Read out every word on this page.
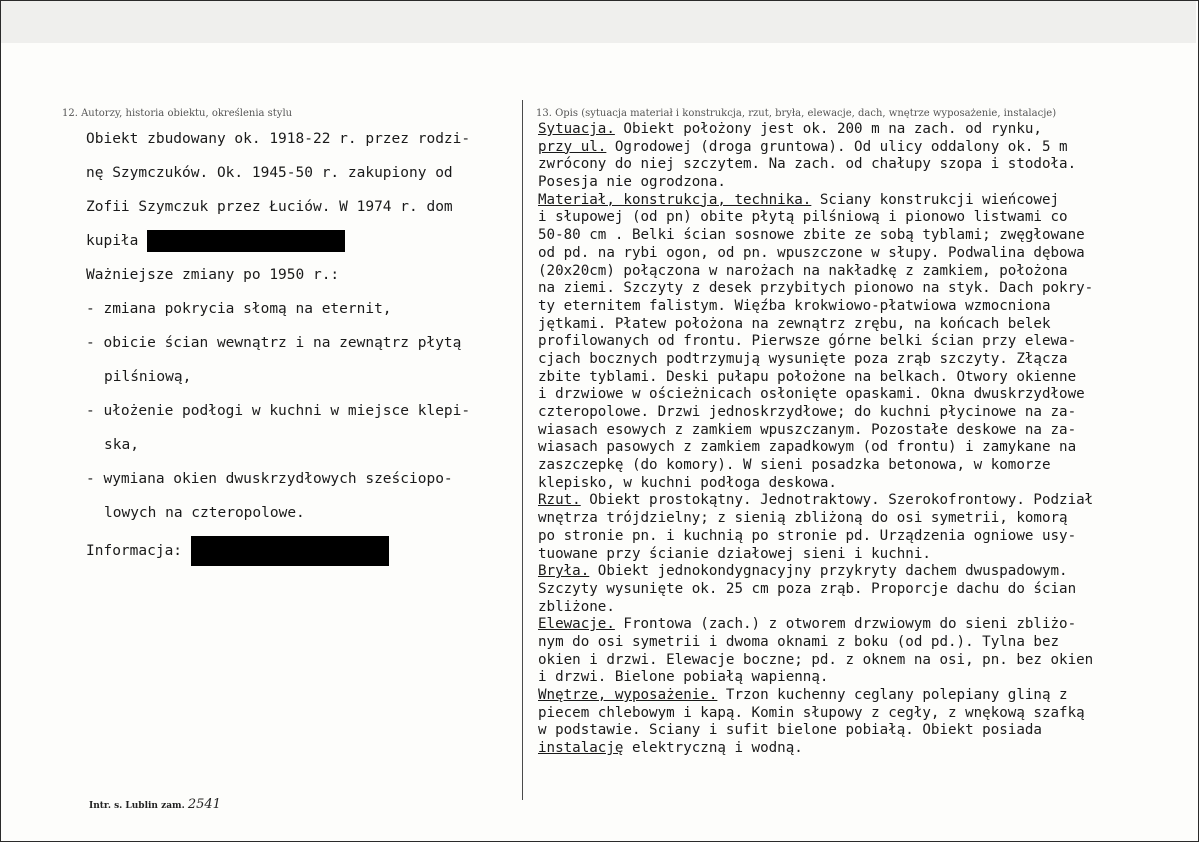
12. Autorzy, historia obiektu, określenia stylu	13. Opis (sytuacja materiał i konstrukcja, rzut, bryła, elewacje, dach, wnętrze wyposażenie, instalacje)
Obiekt zbudowany ok. 1918-22 r. przez rodzi-
nę Szymczuków. Ok. 1945-50 r. zakupiony od
Zofii Szymczuk przez Łuciów. W 1974 r. dom
kupiła
Ważniejsze zmiany po 1950 r.:
- zmiana pokrycia słomą na eternit,
- obicie ścian wewnątrz i na zewnątrz płytą
pilśniową,
- ułożenie podłogi w kuchni w miejsce klepi-
ska,
- wymiana okien dwuskrzydłowych sześciopo-
lowych na czteropolowe.
Informacja:
Sytuacja. Obiekt położony jest ok. 200 m na zach. od rynku,
przy ul. Ogrodowej (droga gruntowa). Od ulicy oddalony ok. 5 m
zwrócony do niej szczytem. Na zach. od chałupy szopa i stodoła.
Posesja nie ogrodzona.
Materiał, konstrukcja, technika. Sciany konstrukcji wieńcowej
i słupowej (od pn) obite płytą pilśniową i pionowo listwami co
50-80 cm . Belki ścian sosnowe zbite ze sobą tyblami; zwęgłowane
od pd. na rybi ogon, od pn. wpuszczone w słupy. Podwalina dębowa
(20x20cm) połączona w narożach na nakładkę z zamkiem, położona
na ziemi. Szczyty z desek przybitych pionowo na styk. Dach pokry-
ty eternitem falistym. Więźba krokwiowo-płatwiowa wzmocniona
jętkami. Płatew położona na zewnątrz zrębu, na końcach belek
profilowanych od frontu. Pierwsze górne belki ścian przy elewa-
cjach bocznych podtrzymują wysunięte poza zrąb szczyty. Złącza
zbite tyblami. Deski pułapu położone na belkach. Otwory okienne
i drzwiowe w ościeżnicach osłonięte opaskami. Okna dwuskrzydłowe
czteropolowe. Drzwi jednoskrzydłowe; do kuchni płycinowe na za-
wiasach esowych z zamkiem wpuszczanym. Pozostałe deskowe na za-
wiasach pasowych z zamkiem zapadkowym (od frontu) i zamykane na
zaszczepkę (do komory). W sieni posadzka betonowa, w komorze
klepisko, w kuchni podłoga deskowa.
Rzut. Obiekt prostokątny. Jednotraktowy. Szerokofrontowy. Podział
wnętrza trójdzielny; z sienią zbliżoną do osi symetrii, komorą
po stronie pn. i kuchnią po stronie pd. Urządzenia ogniowe usy-
tuowane przy ścianie działowej sieni i kuchni.
Bryła. Obiekt jednokondygnacyjny przykryty dachem dwuspadowym.
Szczyty wysunięte ok. 25 cm poza zrąb. Proporcje dachu do ścian
zbliżone.
Elewacje. Frontowa (zach.) z otworem drzwiowym do sieni zbliżo-
nym do osi symetrii i dwoma oknami z boku (od pd.). Tylna bez
okien i drzwi. Elewacje boczne; pd. z oknem na osi, pn. bez okien
i drzwi. Bielone pobiałą wapienną.
Wnętrze, wyposażenie. Trzon kuchenny ceglany polepiany gliną z
piecem chlebowym i kapą. Komin słupowy z cegły, z wnękową szafką
w podstawie. Sciany i sufit bielone pobiałą. Obiekt posiada
instalację elektryczną i wodną.
Intr. s. Lublin zam. 2541
